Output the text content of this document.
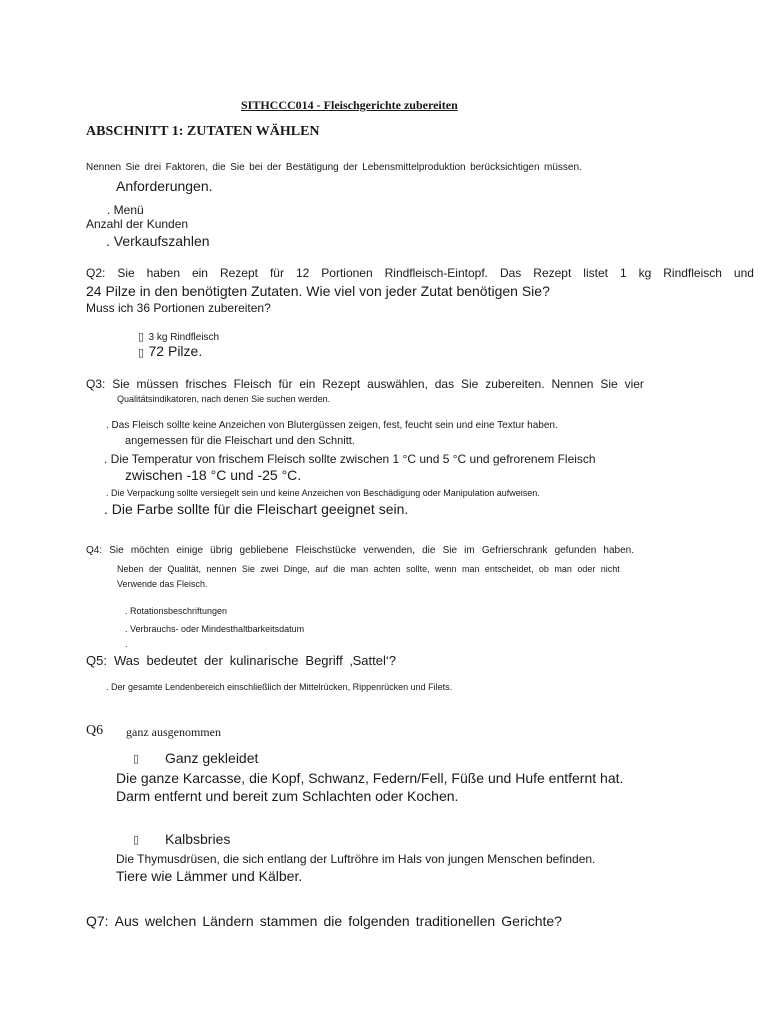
SITHCCC014 - Fleischgerichte zubereiten
ABSCHNITT 1: ZUTATEN WÄHLEN
Nennen Sie drei Faktoren, die Sie bei der Bestätigung der Lebensmittelproduktion berücksichtigen müssen.
Anforderungen.
. Menü
Anzahl der Kunden
. Verkaufszahlen
Q2: Sie haben ein Rezept für 12 Portionen Rindfleisch-Eintopf. Das Rezept listet 1 kg Rindfleisch und
24 Pilze in den benötigten Zutaten. Wie viel von jeder Zutat benötigen Sie?
Muss ich 36 Portionen zubereiten?
▯ 3 kg Rindfleisch
▯ 72 Pilze.
Q3: Sie müssen frisches Fleisch für ein Rezept auswählen, das Sie zubereiten. Nennen Sie vier
Qualitätsindikatoren, nach denen Sie suchen werden.
. Das Fleisch sollte keine Anzeichen von Blutergüssen zeigen, fest, feucht sein und eine Textur haben.
angemessen für die Fleischart und den Schnitt.
. Die Temperatur von frischem Fleisch sollte zwischen 1 °C und 5 °C und gefrorenem Fleisch
zwischen -18 °C und -25 °C.
. Die Verpackung sollte versiegelt sein und keine Anzeichen von Beschädigung oder Manipulation aufweisen.
. Die Farbe sollte für die Fleischart geeignet sein.
Q4: Sie möchten einige übrig gebliebene Fleischstücke verwenden, die Sie im Gefrierschrank gefunden haben.
Neben der Qualität, nennen Sie zwei Dinge, auf die man achten sollte, wenn man entscheidet, ob man oder nicht
Verwende das Fleisch.
. Rotationsbeschriftungen
. Verbrauchs- oder Mindesthaltbarkeitsdatum
.
Q5: Was bedeutet der kulinarische Begriff ‚Sattel‘?
. Der gesamte Lendenbereich einschließlich der Mittelrücken, Rippenrücken und Filets.
Q6 ganz ausgenommen
▯ Ganz gekleidet
Die ganze Karcasse, die Kopf, Schwanz, Federn/Fell, Füße und Hufe entfernt hat.
Darm entfernt und bereit zum Schlachten oder Kochen.
▯ Kalbsbries
Die Thymusdrüsen, die sich entlang der Luftröhre im Hals von jungen Menschen befinden.
Tiere wie Lämmer und Kälber.
Q7: Aus welchen Ländern stammen die folgenden traditionellen Gerichte?
